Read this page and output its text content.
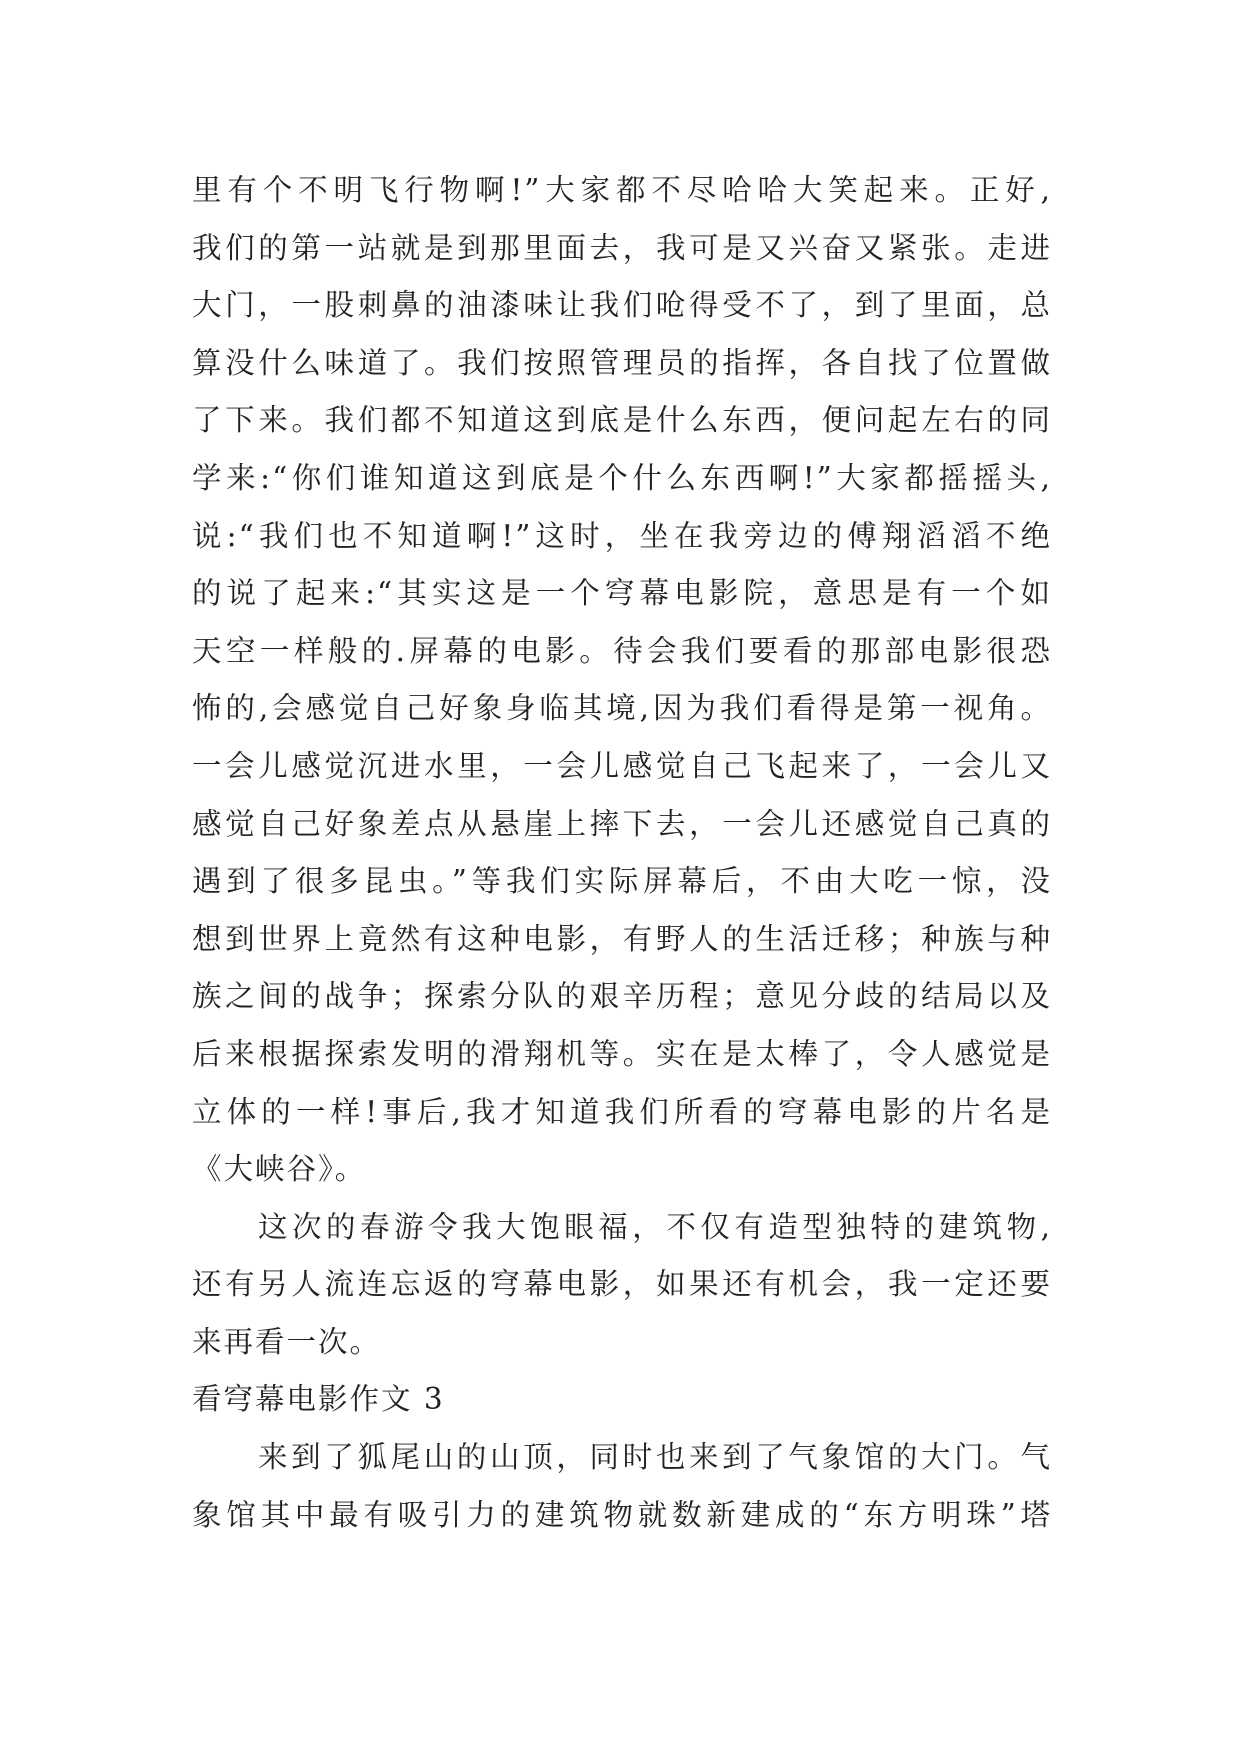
里有个不明飞行物啊!”大家都不尽哈哈大笑起来。正好,
我们的第一站就是到那里面去，我可是又兴奋又紧张。走进
大门，一股刺鼻的油漆味让我们呛得受不了，到了里面，总
算没什么味道了。我们按照管理员的指挥，各自找了位置做
了下来。我们都不知道这到底是什么东西，便问起左右的同
学来:“你们谁知道这到底是个什么东西啊!”大家都摇摇头,
说:“我们也不知道啊!”这时，坐在我旁边的傅翔滔滔不绝
的说了起来:“其实这是一个穹幕电影院，意思是有一个如
天空一样般的.屏幕的电影。待会我们要看的那部电影很恐
怖的,会感觉自己好象身临其境,因为我们看得是第一视角。
一会儿感觉沉进水里，一会儿感觉自己飞起来了，一会儿又
感觉自己好象差点从悬崖上摔下去，一会儿还感觉自己真的
遇到了很多昆虫。”等我们实际屏幕后，不由大吃一惊，没
想到世界上竟然有这种电影，有野人的生活迁移；种族与种
族之间的战争；探索分队的艰辛历程；意见分歧的结局以及
后来根据探索发明的滑翔机等。实在是太棒了，令人感觉是
立体的一样!事后,我才知道我们所看的穹幕电影的片名是
《大峡谷》。
这次的春游令我大饱眼福，不仅有造型独特的建筑物,
还有另人流连忘返的穹幕电影，如果还有机会，我一定还要
来再看一次。
看穹幕电影作文 3
来到了狐尾山的山顶，同时也来到了气象馆的大门。气
象馆其中最有吸引力的建筑物就数新建成的“东方明珠”塔
